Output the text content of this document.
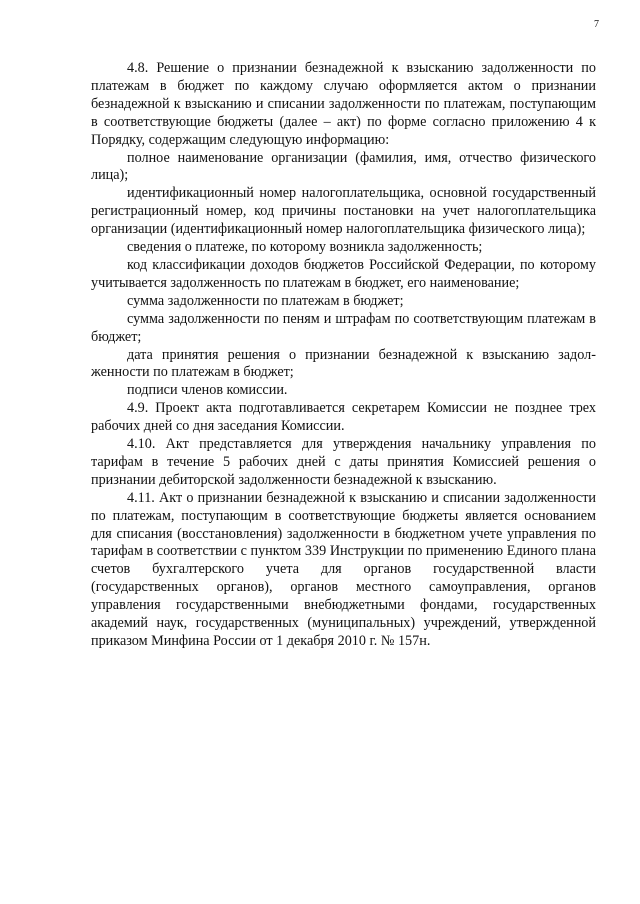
7

4.8. Решение о признании безнадежной к взысканию задолженности по платежам в бюджет по каждому случаю оформляется актом о признании безнадежной к взысканию и списании задолженности по платежам, поступающим в соответствующие бюджеты (далее – акт) по форме согласно приложению 4 к Порядку, содержащим следующую информацию:

полное наименование организации (фамилия, имя, отчество физического лица);

идентификационный номер налогоплательщика, основной государственный регистрационный номер, код причины постановки на учет налогоплательщика организации (идентификационный номер налогоплательщика физического лица);

сведения о платеже, по которому возникла задолженность;

код классификации доходов бюджетов Российской Федерации, по которому учитывается задолженность по платежам в бюджет, его наименование;

сумма задолженности по платежам в бюджет;

сумма задолженности по пеням и штрафам по соответствующим платежам в бюджет;

дата принятия решения о признании безнадежной к взысканию задолженности по платежам в бюджет;

подписи членов комиссии.

4.9. Проект акта подготавливается секретарем Комиссии не позднее трех рабочих дней со дня заседания Комиссии.

4.10. Акт представляется для утверждения начальнику управления по тарифам в течение 5 рабочих дней с даты принятия Комиссией решения о признании дебиторской задолженности безнадежной к взысканию.

4.11. Акт о признании безнадежной к взысканию и списании задолженности по платежам, поступающим в соответствующие бюджеты является основанием для списания (восстановления) задолженности в бюджетном учете управления по тарифам в соответствии с пунктом 339 Инструкции по применению Единого плана счетов бухгалтерского учета для органов государственной власти (государственных органов), органов местного самоуправления, органов управления государственными внебюджетными фондами, государственных академий наук, государственных (муниципальных) учреждений, утвержденной приказом Минфина России от 1 декабря 2010 г. № 157н.
